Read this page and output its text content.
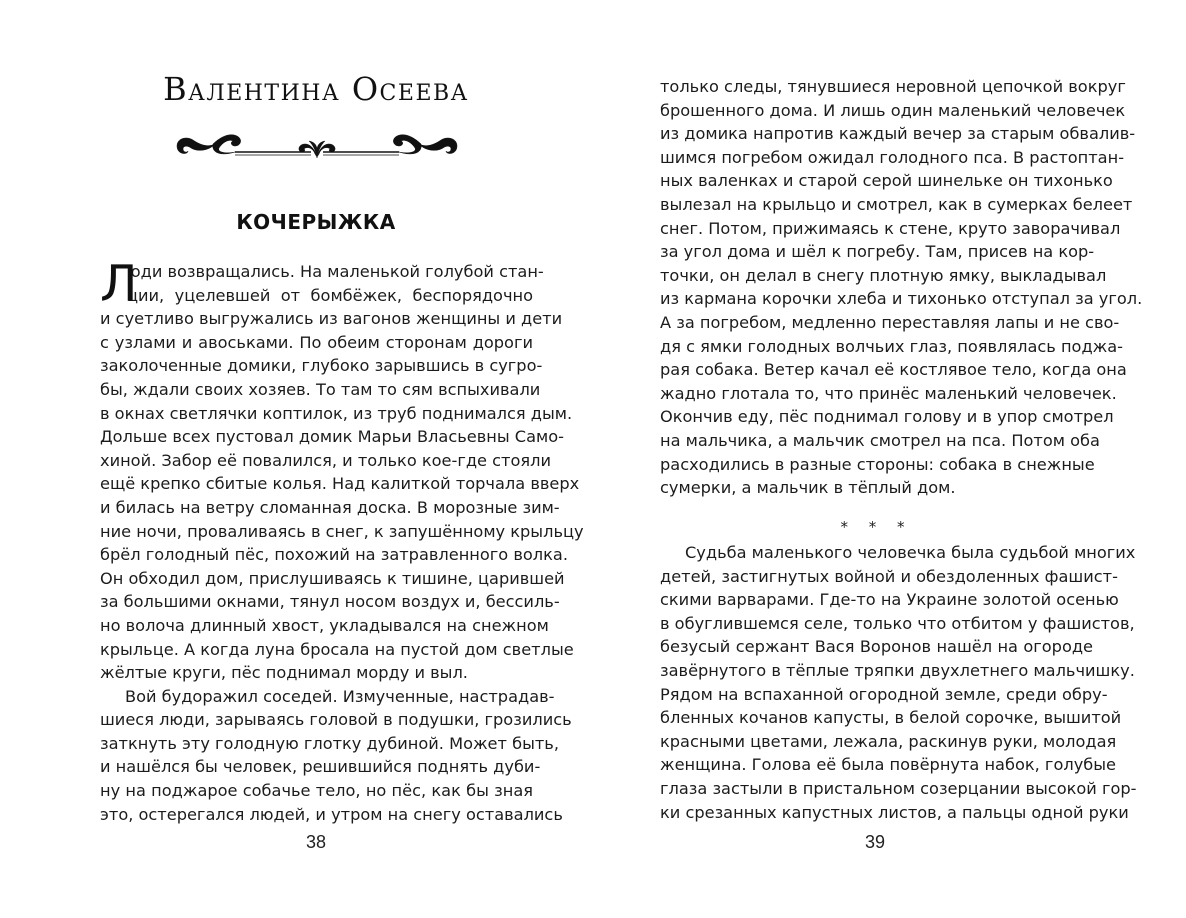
Валентина Осеева
КОЧЕРЫЖКА
Л
юди возвращались. На маленькой голубой стан-
ции, уцелевшей от бомбёжек, беспорядочно
и суетливо выгружались из вагонов женщины и дети
с узлами и авоськами. По обеим сторонам дороги
заколоченные домики, глубоко зарывшись в сугро-
бы, ждали своих хозяев. То там то сям вспыхивали
в окнах светлячки коптилок, из труб поднимался дым.
Дольше всех пустовал домик Марьи Власьевны Само-
хиной. Забор её повалился, и только кое-где стояли
ещё крепко сбитые колья. Над калиткой торчала вверх
и билась на ветру сломанная доска. В морозные зим-
ние ночи, проваливаясь в снег, к запушённому крыльцу
брёл голодный пёс, похожий на затравленного волка.
Он обходил дом, прислушиваясь к тишине, царившей
за большими окнами, тянул носом воздух и, бессиль-
но волоча длинный хвост, укладывался на снежном
крыльце. А когда луна бросала на пустой дом светлые
жёлтые круги, пёс поднимал морду и выл.
Вой будоражил соседей. Измученные, настрадав-
шиеся люди, зарываясь головой в подушки, грозились
заткнуть эту голодную глотку дубиной. Может быть,
и нашёлся бы человек, решившийся поднять дуби-
ну на поджарое собачье тело, но пёс, как бы зная
это, остерегался людей, и утром на снегу оставались
38
только следы, тянувшиеся неровной цепочкой вокруг
брошенного дома. И лишь один маленький человечек
из домика напротив каждый вечер за старым обвалив-
шимся погребом ожидал голодного пса. В растоптан-
ных валенках и старой серой шинельке он тихонько
вылезал на крыльцо и смотрел, как в сумерках белеет
снег. Потом, прижимаясь к стене, круто заворачивал
за угол дома и шёл к погребу. Там, присев на кор-
точки, он делал в снегу плотную ямку, выкладывал
из кармана корочки хлеба и тихонько отступал за угол.
А за погребом, медленно переставляя лапы и не сво-
дя с ямки голодных волчьих глаз, появлялась поджа-
рая собака. Ветер качал её костлявое тело, когда она
жадно глотала то, что принёс маленький человечек.
Окончив еду, пёс поднимал голову и в упор смотрел
на мальчика, а мальчик смотрел на пса. Потом оба
расходились в разные стороны: собака в снежные
сумерки, а мальчик в тёплый дом.
* * *
Судьба маленького человечка была судьбой многих
детей, застигнутых войной и обездоленных фашист-
скими варварами. Где-то на Украине золотой осенью
в обуглившемся селе, только что отбитом у фашистов,
безусый сержант Вася Воронов нашёл на огороде
завёрнутого в тёплые тряпки двухлетнего мальчишку.
Рядом на вспаханной огородной земле, среди обру-
бленных кочанов капусты, в белой сорочке, вышитой
красными цветами, лежала, раскинув руки, молодая
женщина. Голова её была повёрнута набок, голубые
глаза застыли в пристальном созерцании высокой гор-
ки срезанных капустных листов, а пальцы одной руки
39
